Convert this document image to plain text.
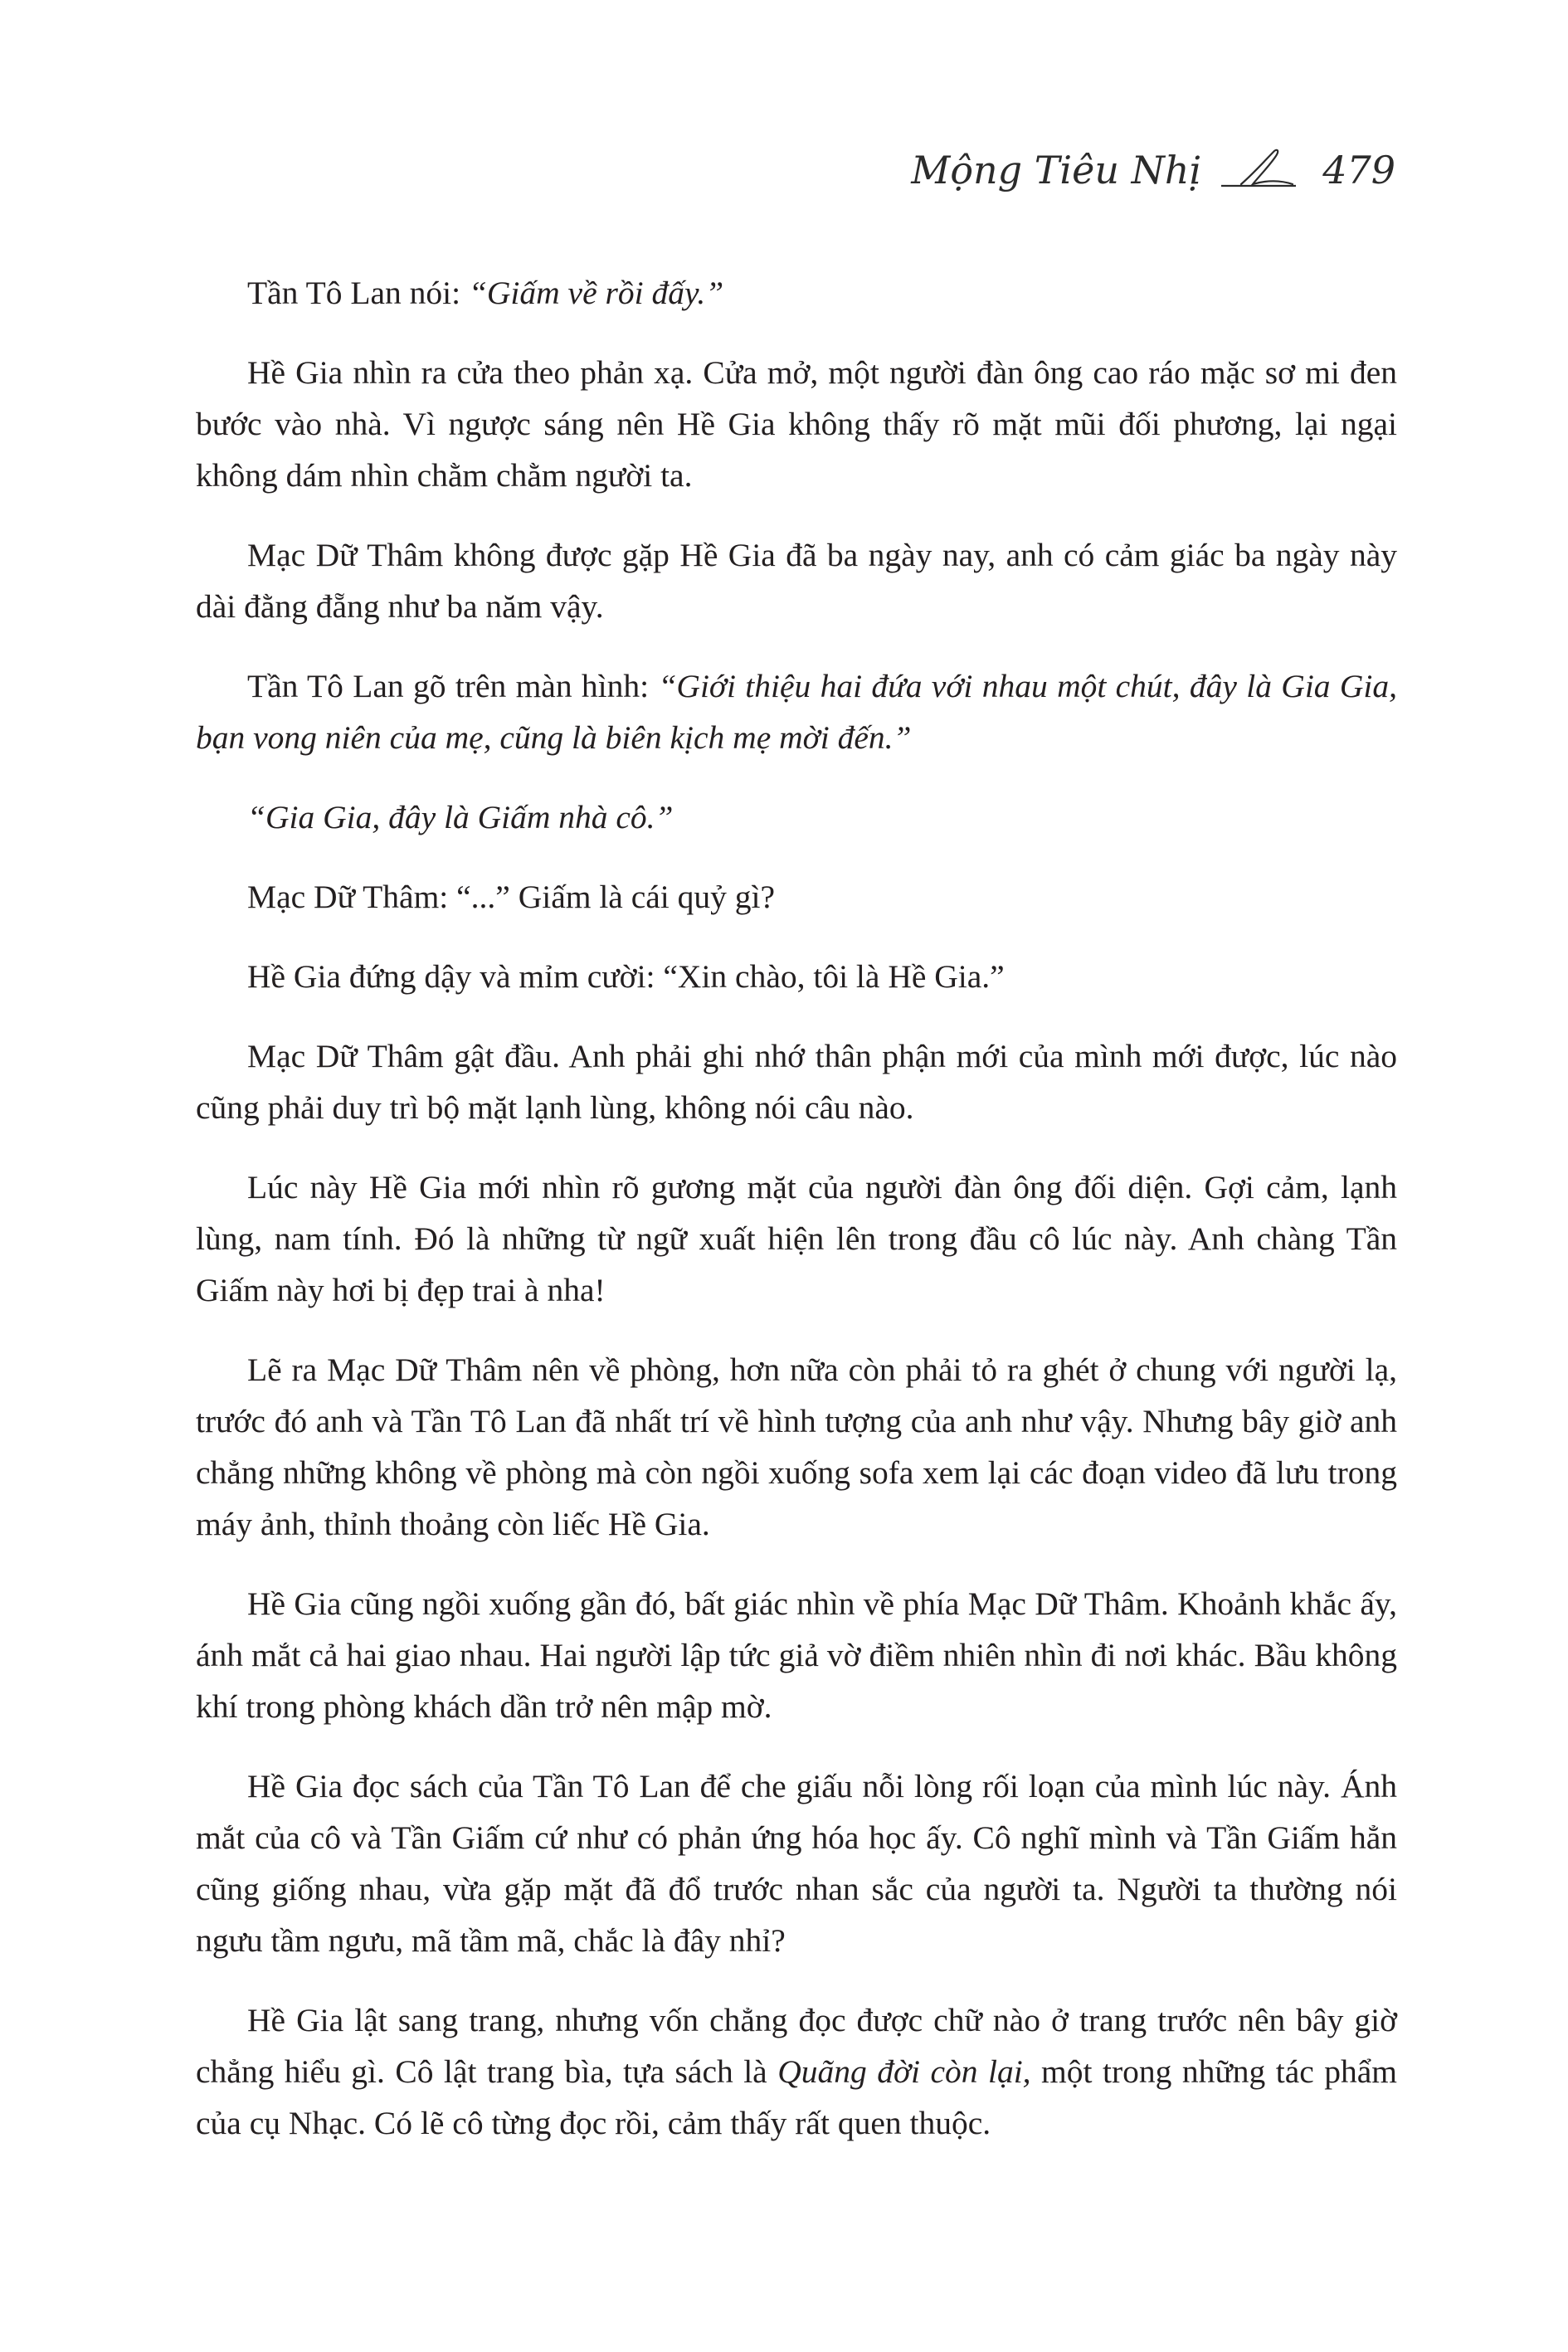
Mộng Tiêu Nhị	479

Tần Tô Lan nói: “Giấm về rồi đấy.”

Hề Gia nhìn ra cửa theo phản xạ. Cửa mở, một người đàn ông cao ráo mặc sơ mi đen bước vào nhà. Vì ngược sáng nên Hề Gia không thấy rõ mặt mũi đối phương, lại ngại không dám nhìn chằm chằm người ta.

Mạc Dữ Thâm không được gặp Hề Gia đã ba ngày nay, anh có cảm giác ba ngày này dài đằng đẵng như ba năm vậy.

Tần Tô Lan gõ trên màn hình: “Giới thiệu hai đứa với nhau một chút, đây là Gia Gia, bạn vong niên của mẹ, cũng là biên kịch mẹ mời đến.”

“Gia Gia, đây là Giấm nhà cô.”

Mạc Dữ Thâm: “...” Giấm là cái quỷ gì?

Hề Gia đứng dậy và mỉm cười: “Xin chào, tôi là Hề Gia.”

Mạc Dữ Thâm gật đầu. Anh phải ghi nhớ thân phận mới của mình mới được, lúc nào cũng phải duy trì bộ mặt lạnh lùng, không nói câu nào.

Lúc này Hề Gia mới nhìn rõ gương mặt của người đàn ông đối diện. Gợi cảm, lạnh lùng, nam tính. Đó là những từ ngữ xuất hiện lên trong đầu cô lúc này. Anh chàng Tần Giấm này hơi bị đẹp trai à nha!

Lẽ ra Mạc Dữ Thâm nên về phòng, hơn nữa còn phải tỏ ra ghét ở chung với người lạ, trước đó anh và Tần Tô Lan đã nhất trí về hình tượng của anh như vậy. Nhưng bây giờ anh chẳng những không về phòng mà còn ngồi xuống sofa xem lại các đoạn video đã lưu trong máy ảnh, thỉnh thoảng còn liếc Hề Gia.

Hề Gia cũng ngồi xuống gần đó, bất giác nhìn về phía Mạc Dữ Thâm. Khoảnh khắc ấy, ánh mắt cả hai giao nhau. Hai người lập tức giả vờ điềm nhiên nhìn đi nơi khác. Bầu không khí trong phòng khách dần trở nên mập mờ.

Hề Gia đọc sách của Tần Tô Lan để che giấu nỗi lòng rối loạn của mình lúc này. Ánh mắt của cô và Tần Giấm cứ như có phản ứng hóa học ấy. Cô nghĩ mình và Tần Giấm hẳn cũng giống nhau, vừa gặp mặt đã đổ trước nhan sắc của người ta. Người ta thường nói ngưu tầm ngưu, mã tầm mã, chắc là đây nhỉ?

Hề Gia lật sang trang, nhưng vốn chẳng đọc được chữ nào ở trang trước nên bây giờ chẳng hiểu gì. Cô lật trang bìa, tựa sách là Quãng đời còn lại, một trong những tác phẩm của cụ Nhạc. Có lẽ cô từng đọc rồi, cảm thấy rất quen thuộc.
